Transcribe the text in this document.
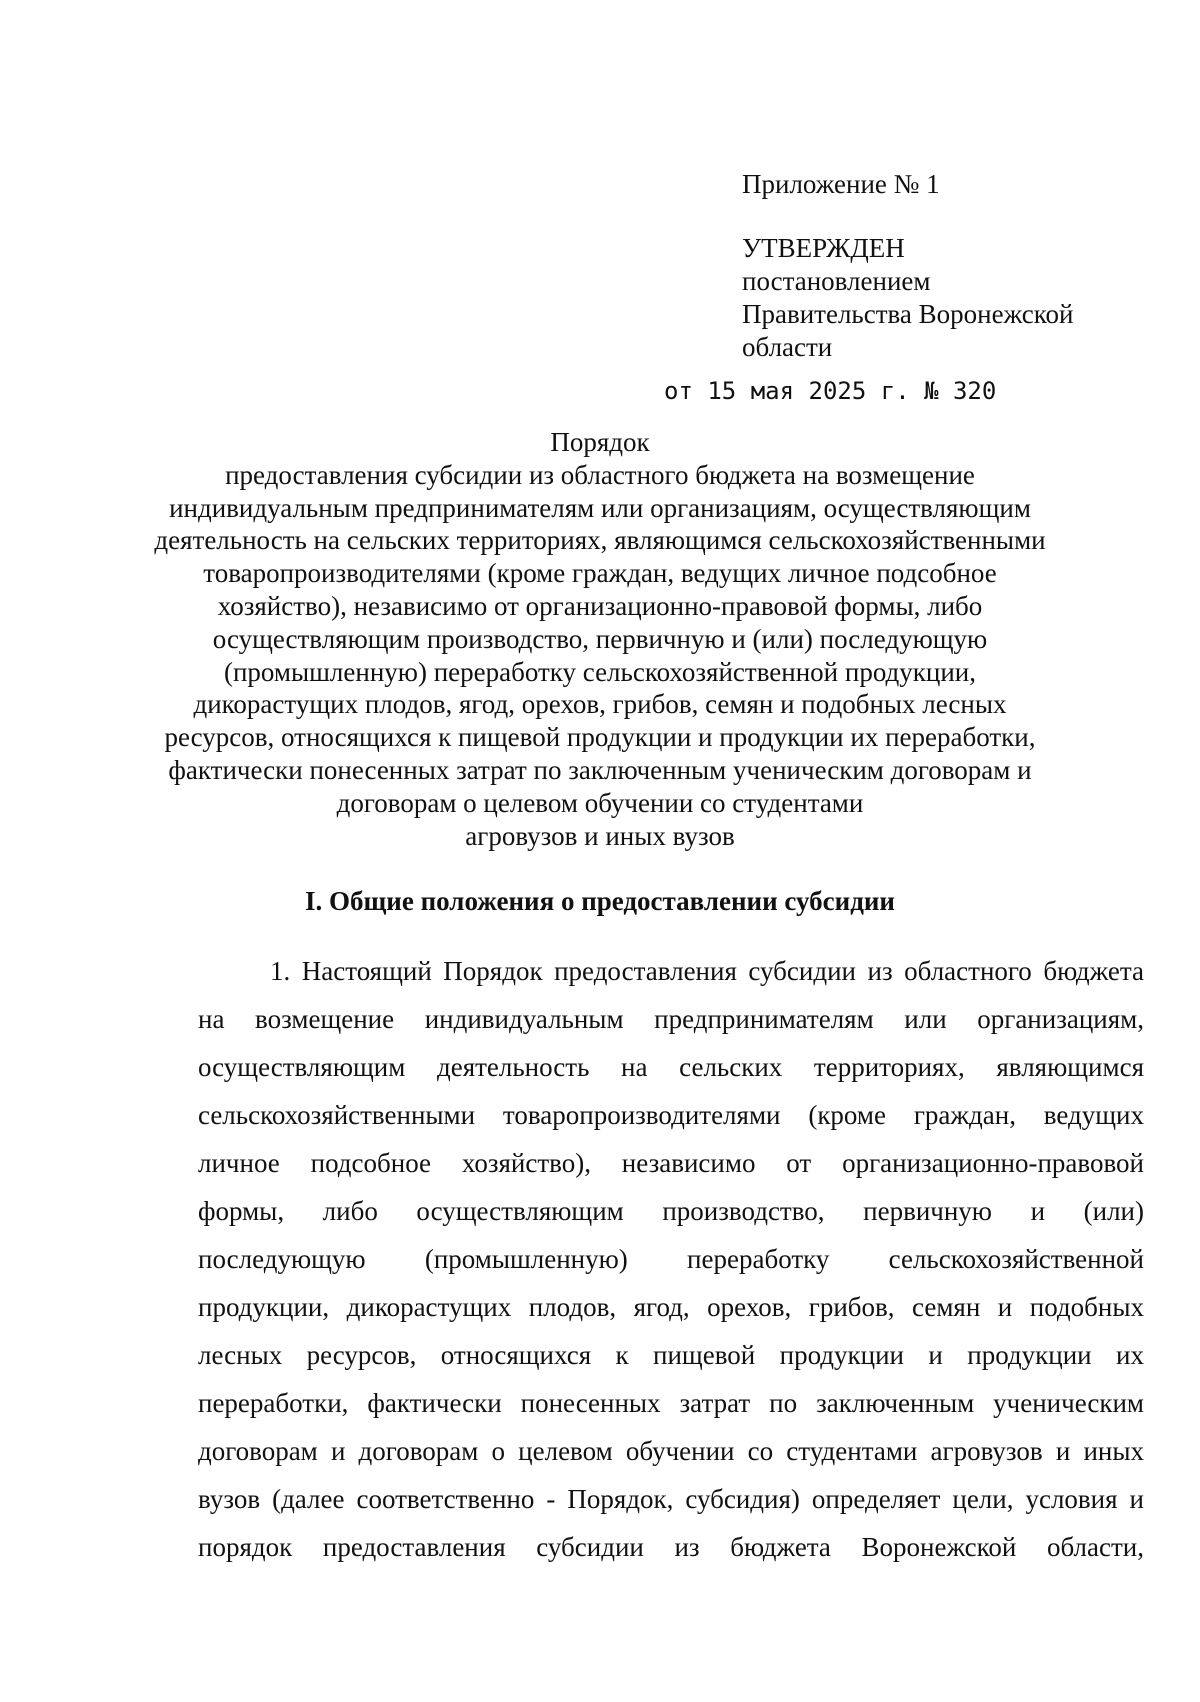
Приложение № 1
УТВЕРЖДЕН
постановлением
Правительства Воронежской
области
от 15 мая 2025 г. № 320
Порядок
предоставления субсидии из областного бюджета на возмещение
индивидуальным предпринимателям или организациям, осуществляющим
деятельность на сельских территориях, являющимся сельскохозяйственными
товаропроизводителями (кроме граждан, ведущих личное подсобное
хозяйство), независимо от организационно-правовой формы, либо
осуществляющим производство, первичную и (или) последующую
(промышленную) переработку сельскохозяйственной продукции,
дикорастущих плодов, ягод, орехов, грибов, семян и подобных лесных
ресурсов, относящихся к пищевой продукции и продукции их переработки,
фактически понесенных затрат по заключенным ученическим договорам и
договорам о целевом обучении со студентами
агровузов и иных вузов
I. Общие положения о предоставлении субсидии
1. Настоящий Порядок предоставления субсидии из областного бюджета
на возмещение индивидуальным предпринимателям или организациям,
осуществляющим деятельность на сельских территориях, являющимся
сельскохозяйственными товаропроизводителями (кроме граждан, ведущих
личное подсобное хозяйство), независимо от организационно-правовой
формы, либо осуществляющим производство, первичную и (или)
последующую (промышленную) переработку сельскохозяйственной
продукции, дикорастущих плодов, ягод, орехов, грибов, семян и подобных
лесных ресурсов, относящихся к пищевой продукции и продукции их
переработки, фактически понесенных затрат по заключенным ученическим
договорам и договорам о целевом обучении со студентами агровузов и иных
вузов (далее соответственно - Порядок, субсидия) определяет цели, условия и
порядок предоставления субсидии из бюджета Воронежской области,
